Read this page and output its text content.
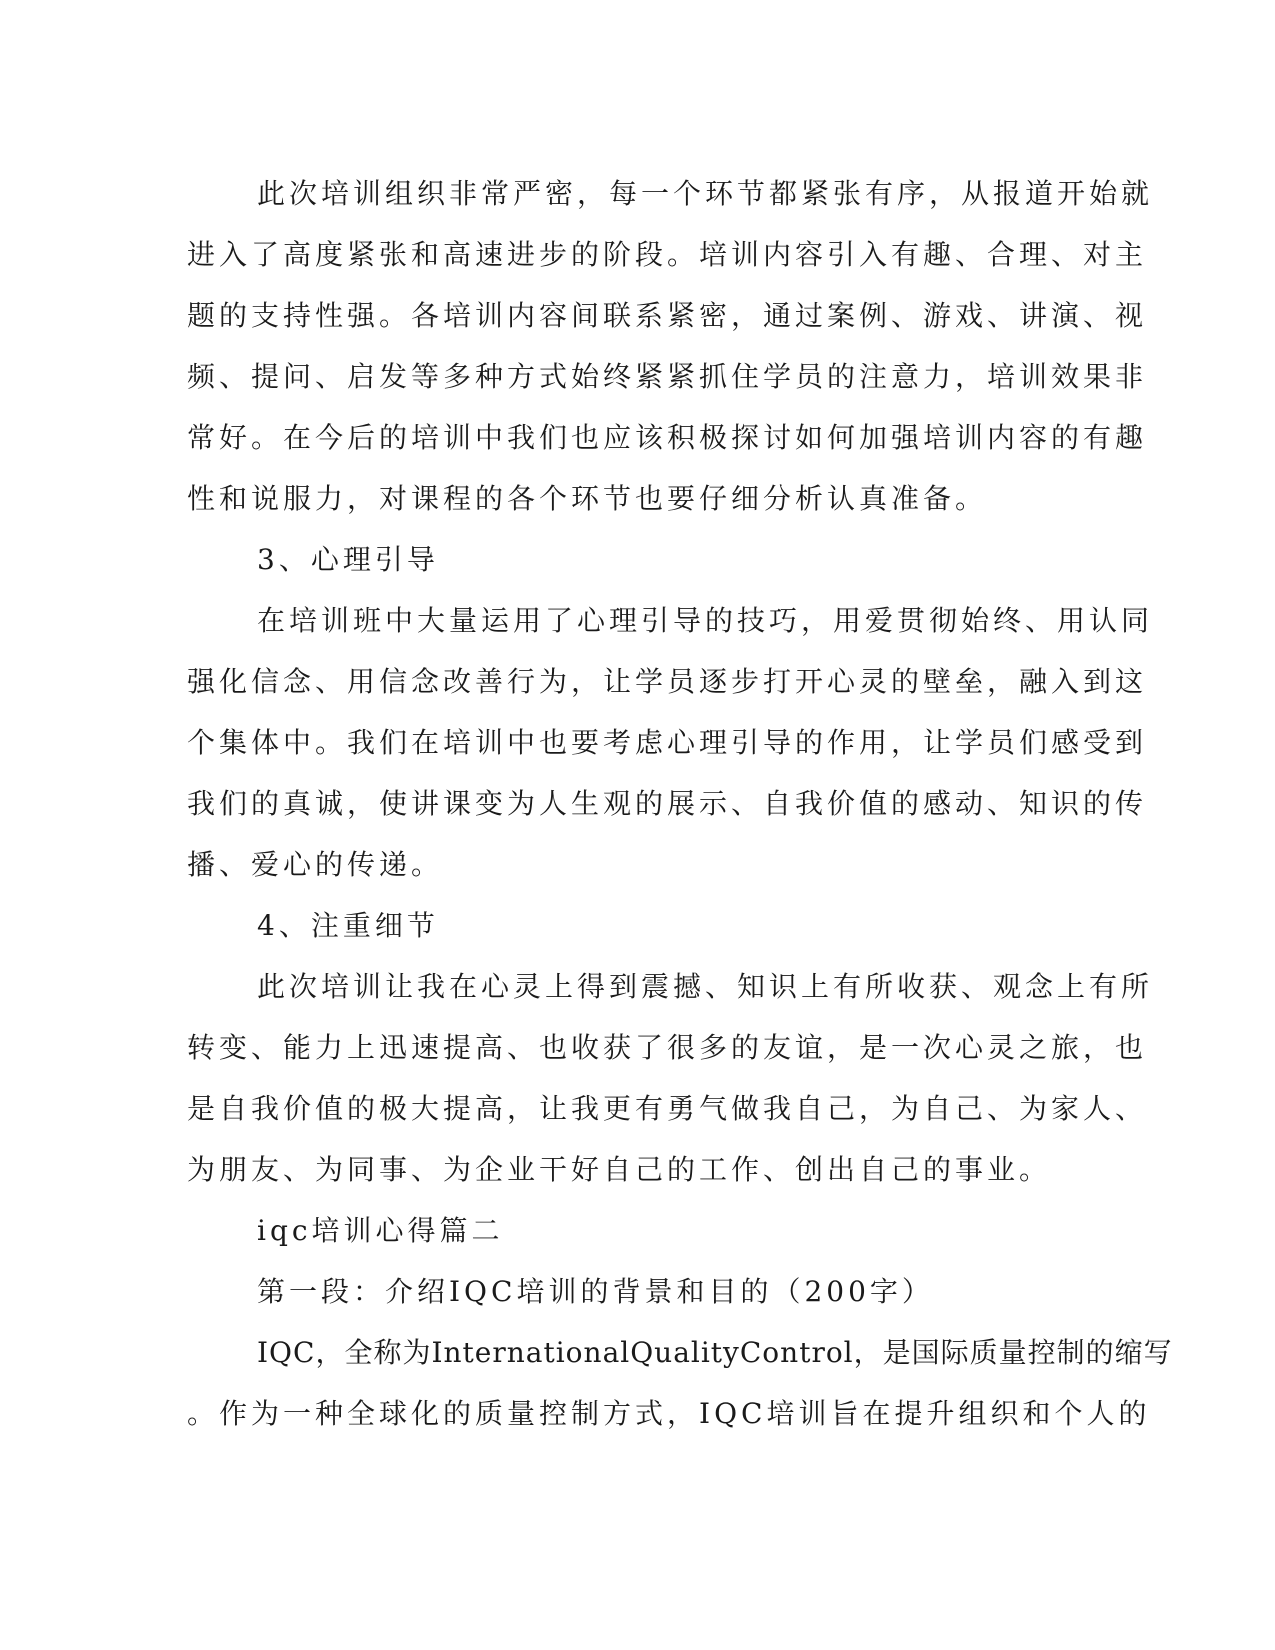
此次培训组织非常严密，每一个环节都紧张有序，从报道开始就
进入了高度紧张和高速进步的阶段。培训内容引入有趣、合理、对主
题的支持性强。各培训内容间联系紧密，通过案例、游戏、讲演、视
频、提问、启发等多种方式始终紧紧抓住学员的注意力，培训效果非
常好。在今后的培训中我们也应该积极探讨如何加强培训内容的有趣
性和说服力，对课程的各个环节也要仔细分析认真准备。

3、心理引导

在培训班中大量运用了心理引导的技巧，用爱贯彻始终、用认同
强化信念、用信念改善行为，让学员逐步打开心灵的壁垒，融入到这
个集体中。我们在培训中也要考虑心理引导的作用，让学员们感受到
我们的真诚，使讲课变为人生观的展示、自我价值的感动、知识的传
播、爱心的传递。

4、注重细节

此次培训让我在心灵上得到震撼、知识上有所收获、观念上有所
转变、能力上迅速提高、也收获了很多的友谊，是一次心灵之旅，也
是自我价值的极大提高，让我更有勇气做我自己，为自己、为家人、
为朋友、为同事、为企业干好自己的工作、创出自己的事业。

iqc培训心得篇二

第一段：介绍IQC培训的背景和目的（200字）

IQC，全称为InternationalQualityControl，是国际质量控制的缩写
。作为一种全球化的质量控制方式，IQC培训旨在提升组织和个人的
